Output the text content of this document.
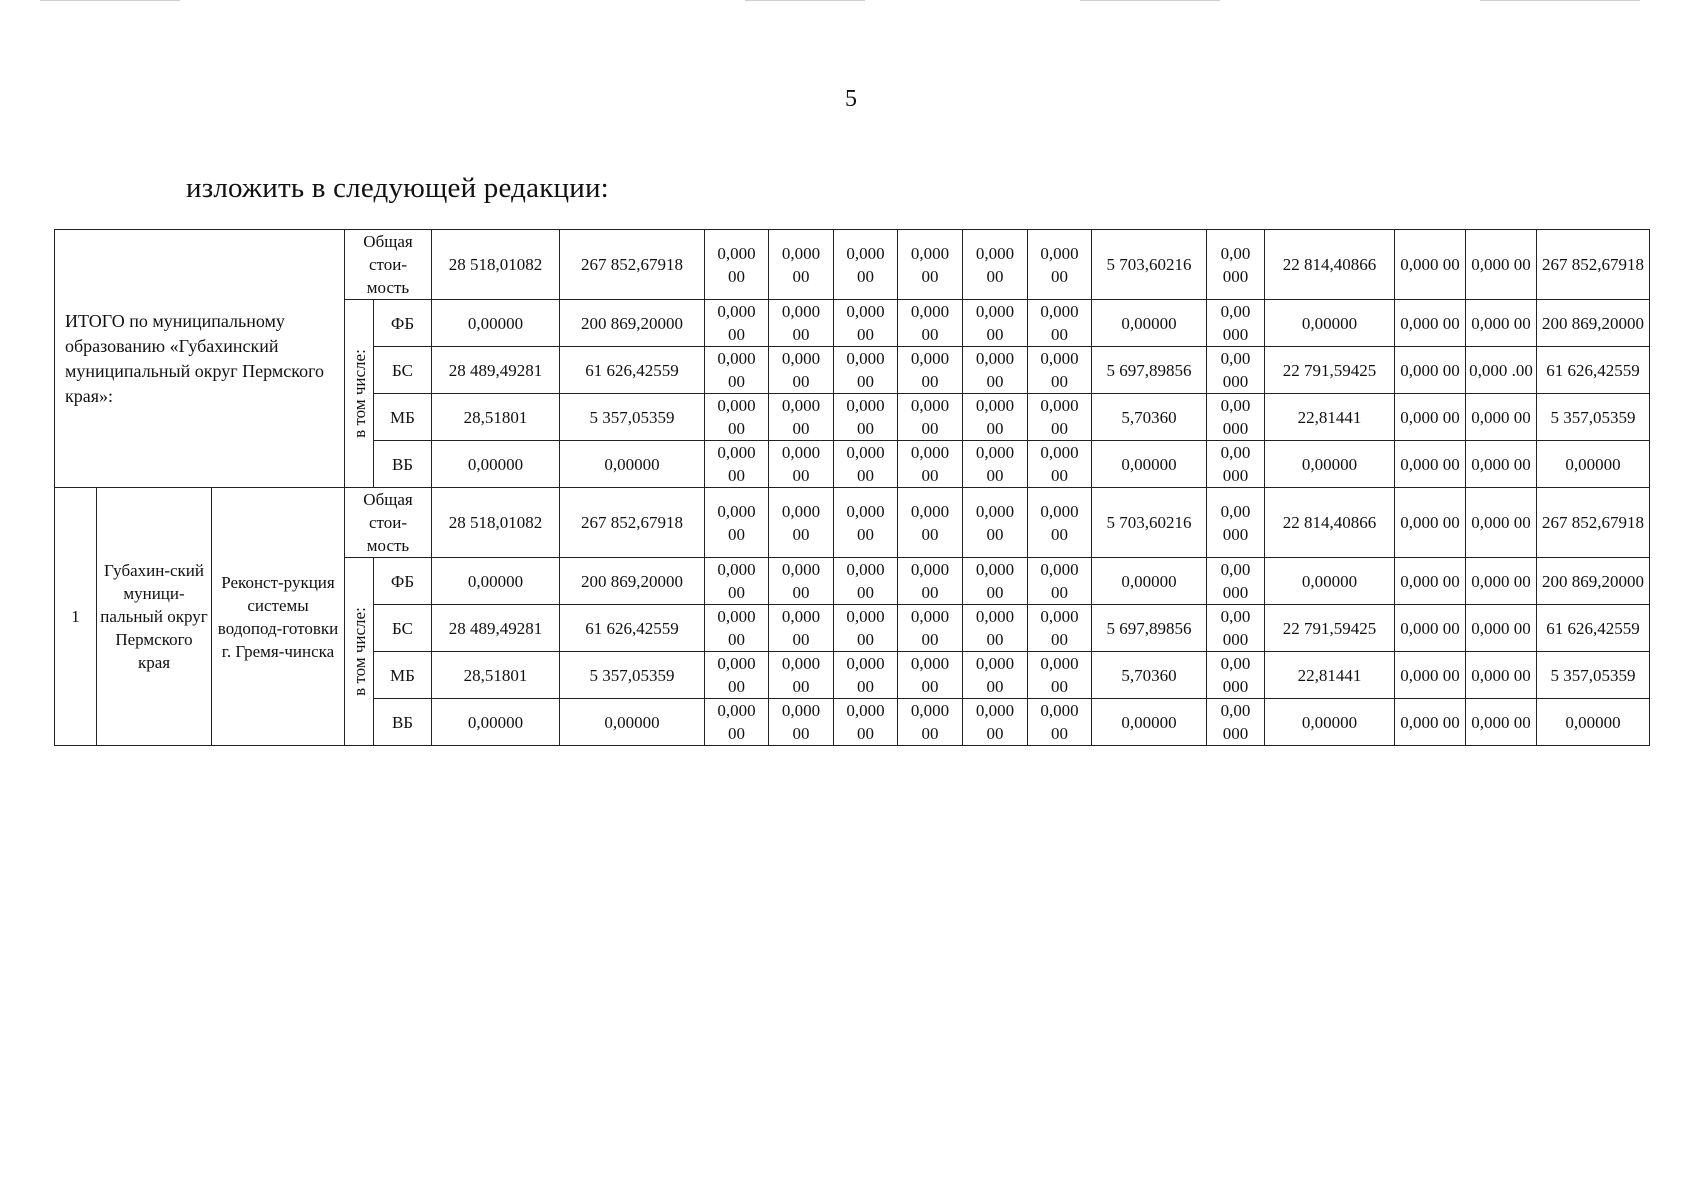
5
изложить в следующей редакции:
ИТОГО по муниципальному образованию «Губахинский муниципальный округ Пермского края»:			Общая стои-мость		28 518,01082	267 852,67918	0,000 00	0,000 00	0,000 00	0,000 00	0,000 00	0,000 00	5 703,60216	0,00 000	22 814,40866	0,000 00	0,000 00	267 852,67918

			в том числе:	ФБ	0,00000	200 869,20000	0,000 00	0,000 00	0,000 00	0,000 00	0,000 00	0,000 00	0,00000	0,00 000	0,00000	0,000 00	0,000 00	200 869,20000
				БС	28 489,49281	61 626,42559	0,000 00	0,000 00	0,000 00	0,000 00	0,000 00	0,000 00	5 697,89856	0,00 000	22 791,59425	0,000 00	0,000 .00	61 626,42559
				МБ	28,51801	5 357,05359	0,000 00	0,000 00	0,000 00	0,000 00	0,000 00	0,000 00	5,70360	0,00 000	22,81441	0,000 00	0,000 00	5 357,05359
				ВБ	0,00000	0,00000	0,000 00	0,000 00	0,000 00	0,000 00	0,000 00	0,000 00	0,00000	0,00 000	0,00000	0,000 00	0,000 00	0,00000
1	Губахин-ский муници-пальный округ Пермского края	Реконст-рукция системы водопод-готовки г. Гремя-чинска	Общая стои-мость		28 518,01082	267 852,67918	0,000 00	0,000 00	0,000 00	0,000 00	0,000 00	0,000 00	5 703,60216	0,00 000	22 814,40866	0,000 00	0,000 00	267 852,67918

			в том числе:	ФБ	0,00000	200 869,20000	0,000 00	0,000 00	0,000 00	0,000 00	0,000 00	0,000 00	0,00000	0,00 000	0,00000	0,000 00	0,000 00	200 869,20000
				БС	28 489,49281	61 626,42559	0,000 00	0,000 00	0,000 00	0,000 00	0,000 00	0,000 00	5 697,89856	0,00 000	22 791,59425	0,000 00	0,000 00	61 626,42559
				МБ	28,51801	5 357,05359	0,000 00	0,000 00	0,000 00	0,000 00	0,000 00	0,000 00	5,70360	0,00 000	22,81441	0,000 00	0,000 00	5 357,05359
				ВБ	0,00000	0,00000	0,000 00	0,000 00	0,000 00	0,000 00	0,000 00	0,000 00	0,00000	0,00 000	0,00000	0,000 00	0,000 00	0,00000
